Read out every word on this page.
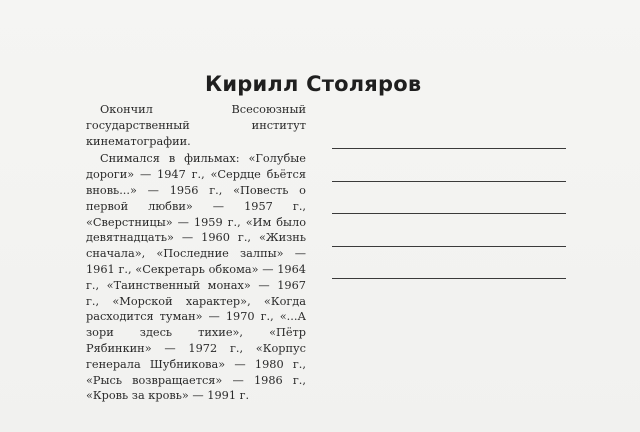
Кирилл Столяров

Окончил Всесоюзный государственный институт кинематографии.

Снимался в фильмах: «Голубые дороги» — 1947 г., «Сердце бьётся вновь...» — 1956 г., «Повесть о первой любви» — 1957 г., «Сверстницы» — 1959 г., «Им было девятнадцать» — 1960 г., «Жизнь сначала», «Последние залпы» — 1961 г., «Секретарь обкома» — 1964 г., «Таинственный монах» — 1967 г., «Морской характер», «Когда расходится туман» — 1970 г., «...А зори здесь тихие», «Пётр Рябинкин» — 1972 г., «Корпус генерала Шубникова» — 1980 г., «Рысь возвращается» — 1986 г., «Кровь за кровь» — 1991 г.
